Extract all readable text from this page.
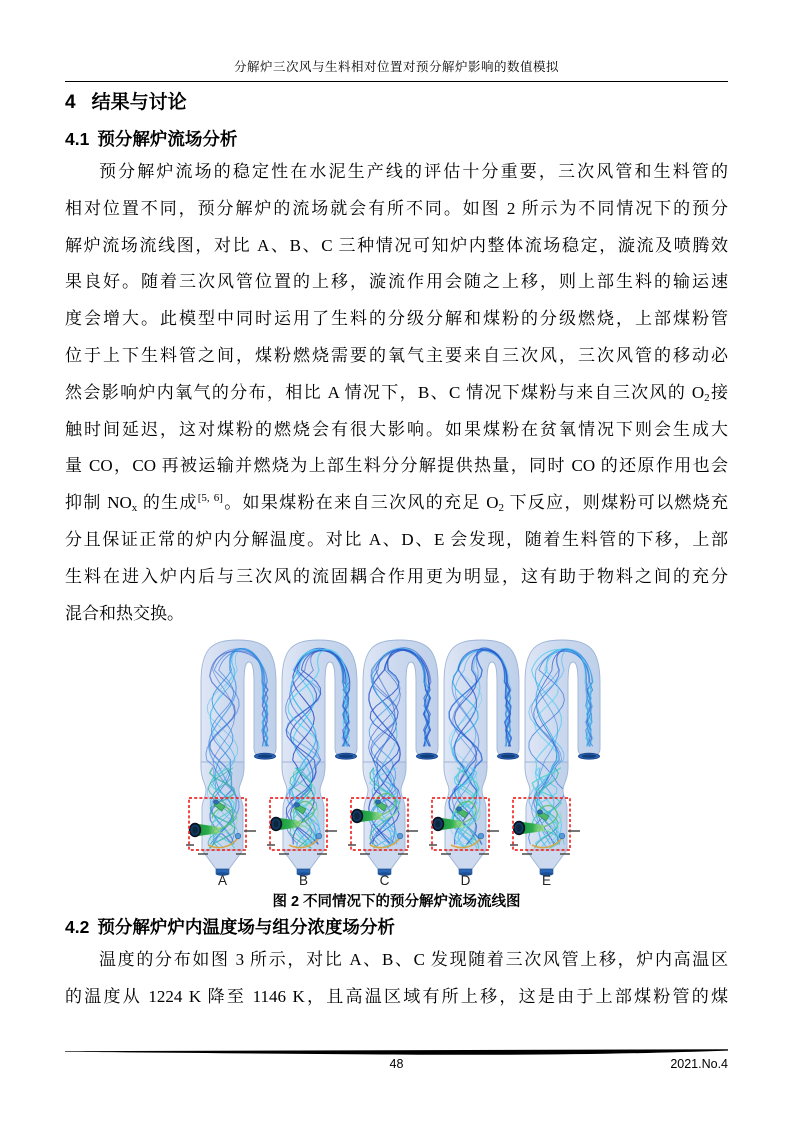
分解炉三次风与生料相对位置对预分解炉影响的数值模拟
4 结果与讨论
4.1 预分解炉流场分析
预分解炉流场的稳定性在水泥生产线的评估十分重要，三次风管和生料管的
相对位置不同，预分解炉的流场就会有所不同。如图 2 所示为不同情况下的预分
解炉流场流线图，对比 A、B、C 三种情况可知炉内整体流场稳定，漩流及喷腾效
果良好。随着三次风管位置的上移，漩流作用会随之上移，则上部生料的输运速
度会增大。此模型中同时运用了生料的分级分解和煤粉的分级燃烧，上部煤粉管
位于上下生料管之间，煤粉燃烧需要的氧气主要来自三次风，三次风管的移动必
然会影响炉内氧气的分布，相比 A 情况下，B、C 情况下煤粉与来自三次风的 $O_2$接
触时间延迟，这对煤粉的燃烧会有很大影响。如果煤粉在贫氧情况下则会生成大
量 CO，CO 再被运输并燃烧为上部生料分分解提供热量，同时 CO 的还原作用也会
抑制 $NO_x$ 的生成[5, 6]。如果煤粉在来自三次风的充足 $O_2$ 下反应，则煤粉可以燃烧充
分且保证正常的炉内分解温度。对比 A、D、E 会发现，随着生料管的下移，上部
生料在进入炉内后与三次风的流固耦合作用更为明显，这有助于物料之间的充分
混合和热交换。
A	B	C	D	E
图 2 不同情况下的预分解炉流场流线图
4.2 预分解炉炉内温度场与组分浓度场分析
温度的分布如图 3 所示，对比 A、B、C 发现随着三次风管上移，炉内高温区
的温度从 1224 K 降至 1146 K，且高温区域有所上移，这是由于上部煤粉管的煤
48	2021.No.4
